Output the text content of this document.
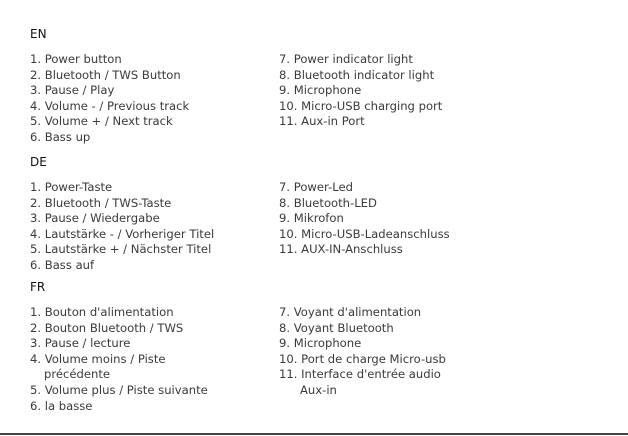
EN
1. Power button
2. Bluetooth / TWS Button
3. Pause / Play
4. Volume - / Previous track
5. Volume + / Next track
6. Bass up
7. Power indicator light
8. Bluetooth indicator light
9. Microphone
10. Micro-USB charging port
11. Aux-in Port
DE
1. Power-Taste
2. Bluetooth / TWS-Taste
3. Pause / Wiedergabe
4. Lautstärke - / Vorheriger Titel
5. Lautstärke + / Nächster Titel
6. Bass auf
7. Power-Led
8. Bluetooth-LED
9. Mikrofon
10. Micro-USB-Ladeanschluss
11. AUX-IN-Anschluss
FR
1. Bouton d'alimentation
2. Bouton Bluetooth / TWS
3. Pause / lecture
4. Volume moins / Piste
précédente
5. Volume plus / Piste suivante
6. la basse
7. Voyant d'alimentation
8. Voyant Bluetooth
9. Microphone
10. Port de charge Micro-usb
11. Interface d'entrée audio
Aux-in
